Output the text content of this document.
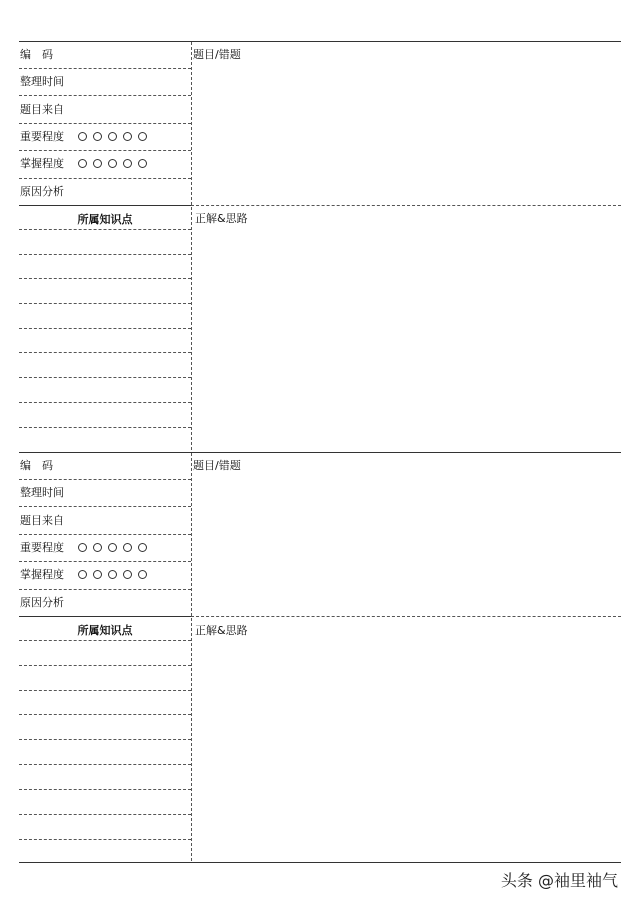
编　码
整理时间
题目来自
重要程度
掌握程度
原因分析
题目/错题
正解&思路
所属知识点
编　码
整理时间
题目来自
重要程度
掌握程度
原因分析
题目/错题
正解&思路
所属知识点
头条 @袖里袖气
